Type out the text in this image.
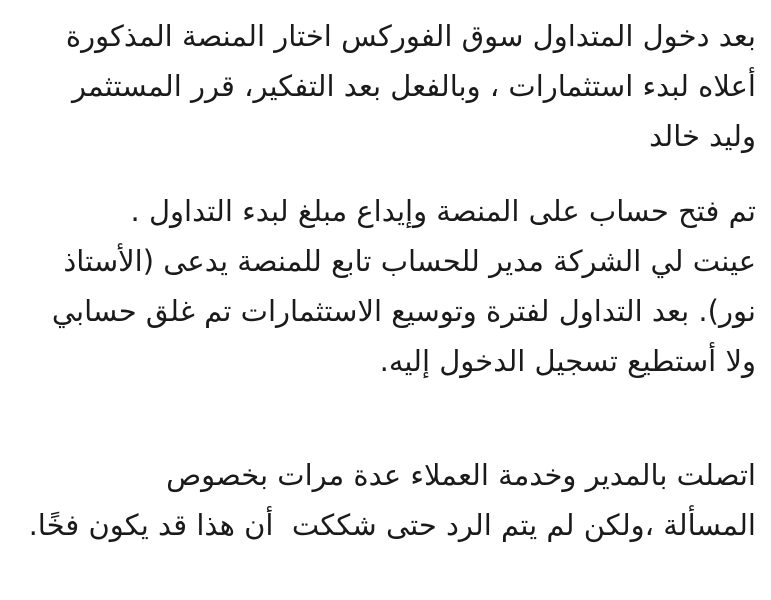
بعد دخول المتداول سوق الفوركس اختار المنصة المذكورة
أعلاه لبدء استثمارات ، وبالفعل بعد التفكير، قرر المستثمر
وليد خالد
تم فتح حساب على المنصة وإيداع مبلغ لبدء التداول .
عينت لي الشركة مدير للحساب تابع للمنصة يدعى (الأستاذ
نور). بعد التداول لفترة وتوسيع الاستثمارات تم غلق حسابي
ولا أستطيع تسجيل الدخول إليه.
اتصلت بالمدير وخدمة العملاء عدة مرات بخصوص
المسألة ،ولكن لم يتم الرد حتى شككت  أن هذا قد يكون فخًا.
